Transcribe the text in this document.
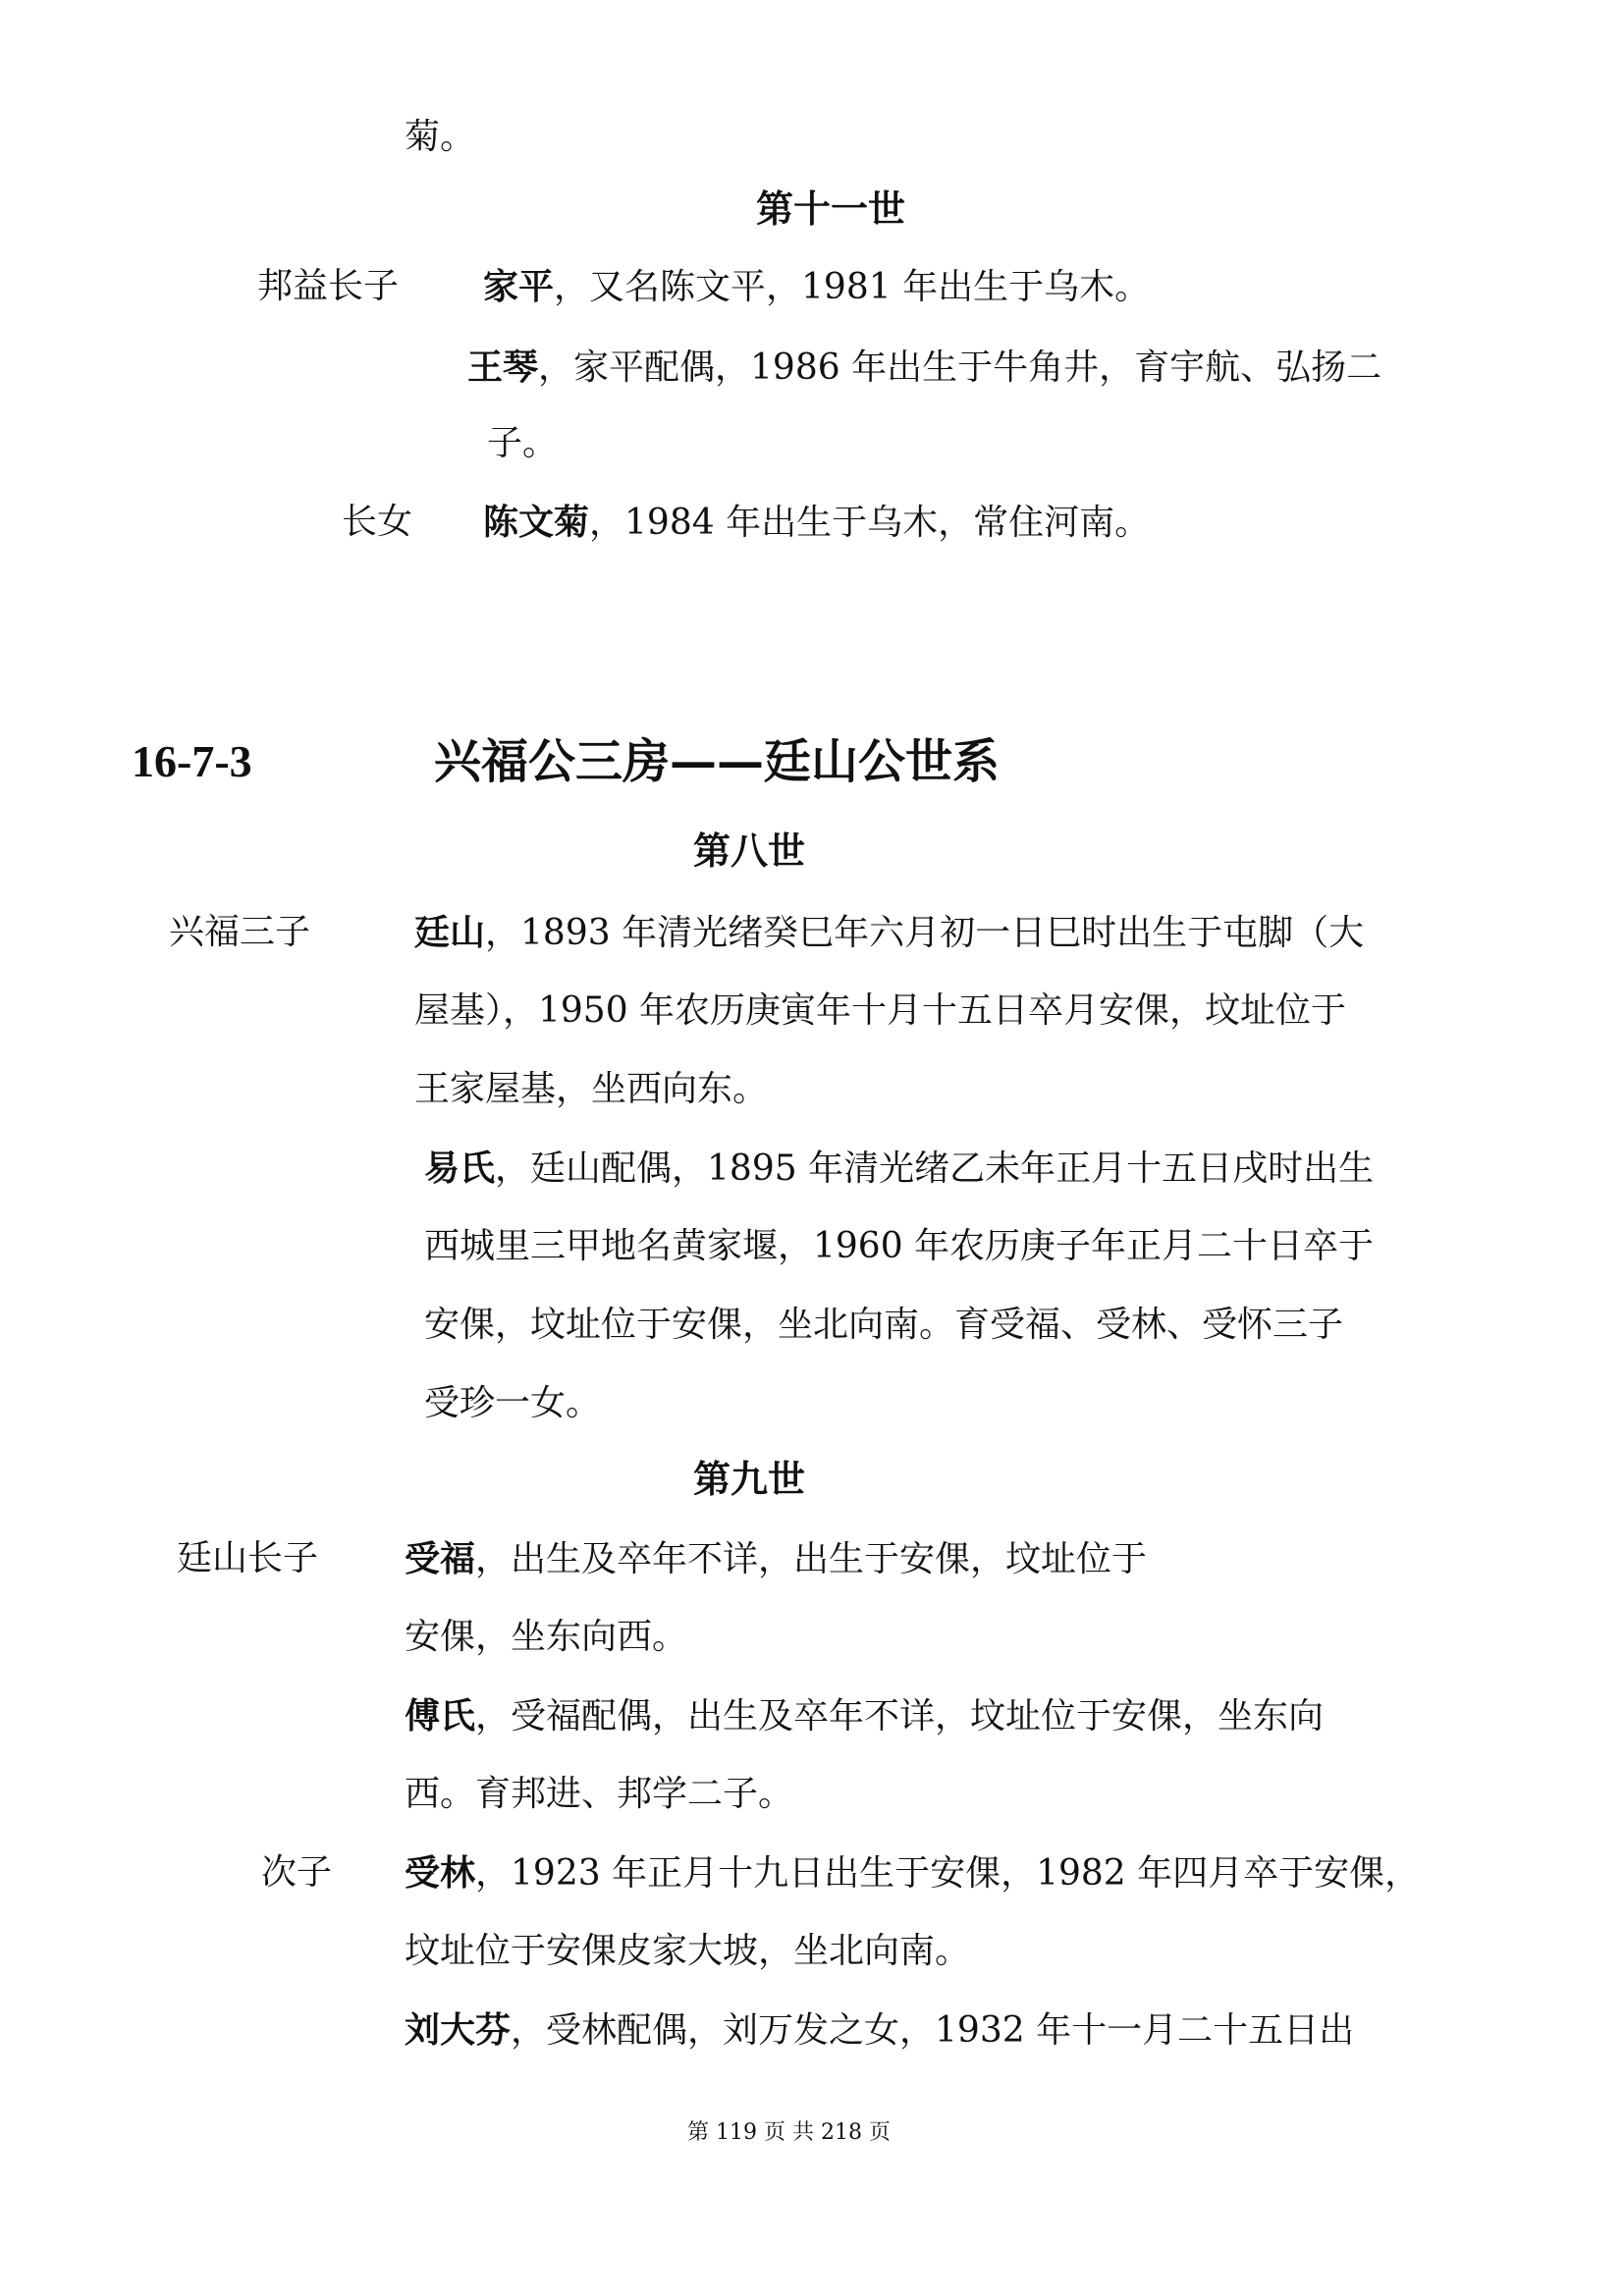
菊。
第十一世
邦益长子 家平，又名陈文平，1981 年出生于乌木。
王琴，家平配偶，1986 年出生于牛角井，育宇航、弘扬二
子。
长女 陈文菊，1984 年出生于乌木，常住河南。
16-7-3	兴福公三房——廷山公世系
第八世
兴福三子	廷山，1893 年清光绪癸巳年六月初一日巳时出生于屯脚（大
屋基），1950 年农历庚寅年十月十五日卒月安倮，坟址位于
王家屋基，坐西向东。
易氏，廷山配偶，1895 年清光绪乙未年正月十五日戌时出生
西城里三甲地名黄家堰，1960 年农历庚子年正月二十日卒于
安倮，坟址位于安倮，坐北向南。育受福、受林、受怀三子
受珍一女。
第九世
廷山长子 受福，出生及卒年不详，出生于安倮，坟址位于
安倮，坐东向西。
傅氏，受福配偶，出生及卒年不详，坟址位于安倮，坐东向
西。育邦进、邦学二子。
次子 受林，1923 年正月十九日出生于安倮，1982 年四月卒于安倮，
坟址位于安倮皮家大坡，坐北向南。
刘大芬，受林配偶，刘万发之女，1932 年十一月二十五日出
第 119 页 共 218 页
